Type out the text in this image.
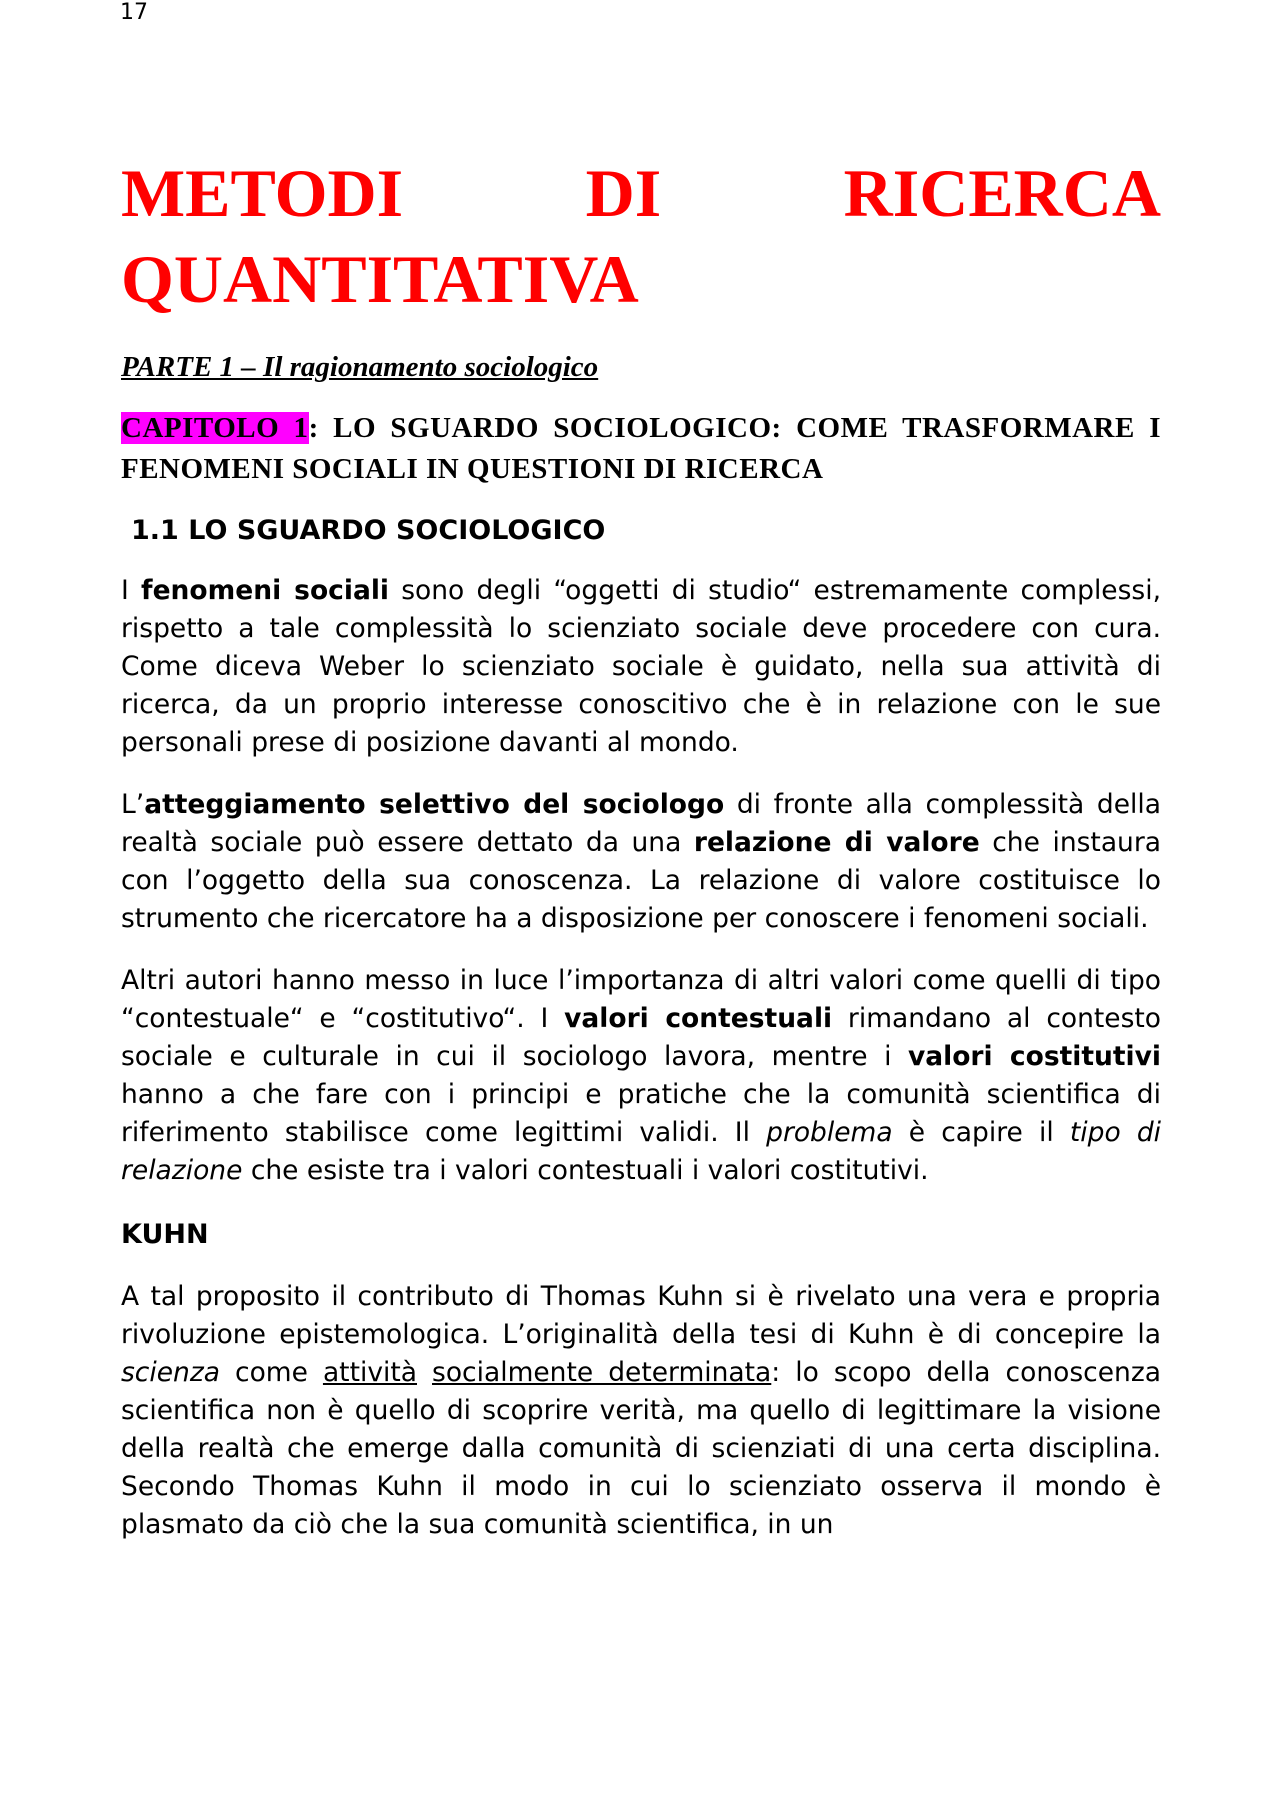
17
METODI DI RICERCA
QUANTITATIVA

PARTE 1 – Il ragionamento sociologico

CAPITOLO 1: LO SGUARDO SOCIOLOGICO: COME TRASFORMARE I FENOMENI SOCIALI IN QUESTIONI DI RICERCA

1.1 LO SGUARDO SOCIOLOGICO

I fenomeni sociali sono degli “oggetti di studio“ estremamente complessi, rispetto a tale complessità lo scienziato sociale deve procedere con cura. Come diceva Weber lo scienziato sociale è guidato, nella sua attività di ricerca, da un proprio interesse conoscitivo che è in relazione con le sue personali prese di posizione davanti al mondo.

L’atteggiamento selettivo del sociologo di fronte alla complessità della realtà sociale può essere dettato da una relazione di valore che instaura con l’oggetto della sua conoscenza. La relazione di valore costituisce lo strumento che ricercatore ha a disposizione per conoscere i fenomeni sociali.

Altri autori hanno messo in luce l’importanza di altri valori come quelli di tipo “contestuale“ e “costitutivo“. I valori contestuali rimandano al contesto sociale e culturale in cui il sociologo lavora, mentre i valori costitutivi hanno a che fare con i principi e pratiche che la comunità scientifica di riferimento stabilisce come legittimi validi. Il problema è capire il tipo di relazione che esiste tra i valori contestuali i valori costitutivi.

KUHN

A tal proposito il contributo di Thomas Kuhn si è rivelato una vera e propria rivoluzione epistemologica. L’originalità della tesi di Kuhn è di concepire la scienza come attività socialmente determinata: lo scopo della conoscenza scientifica non è quello di scoprire verità, ma quello di legittimare la visione della realtà che emerge dalla comunità di scienziati di una certa disciplina. Secondo Thomas Kuhn il modo in cui lo scienziato osserva il mondo è plasmato da ciò che la sua comunità scientifica, in un
